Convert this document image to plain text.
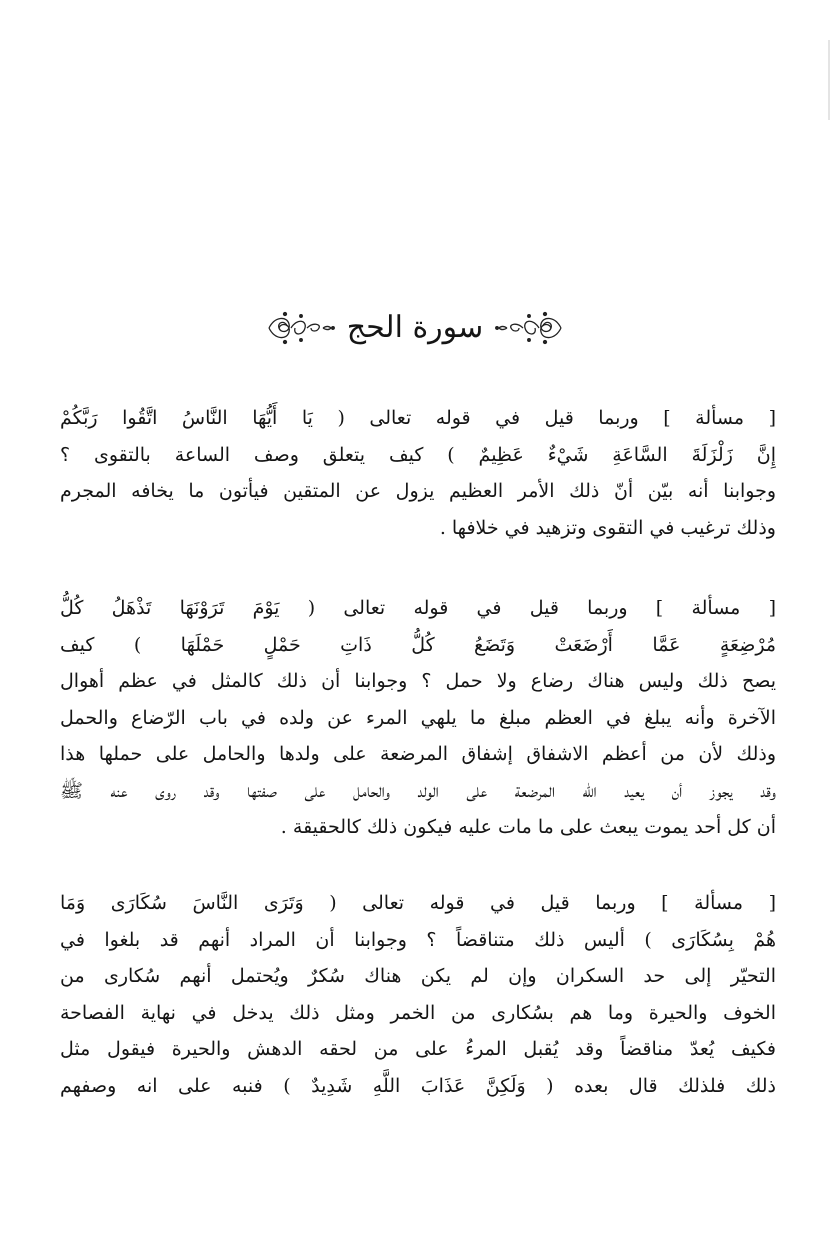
سورة الحج
[ مسألة ] وربما قيل في قوله تعالى ( يَا أَيُّهَا النَّاسُ اتَّقُوا رَبَّكُمْ
إِنَّ زَلْزَلَةَ السَّاعَةِ شَيْءٌ عَظِيمٌ ) كيف يتعلق وصف الساعة بالتقوى ؟
وجوابنا أنه بيّن أنّ ذلك الأمر العظيم يزول عن المتقين فيأتون ما يخافه المجرم
وذلك ترغيب في التقوى وتزهيد في خلافها .
[ مسألة ] وربما قيل في قوله تعالى ( يَوْمَ تَرَوْنَهَا تَذْهَلُ كُلُّ
مُرْضِعَةٍ عَمَّا أَرْضَعَتْ وَتَضَعُ كُلُّ ذَاتِ حَمْلٍ حَمْلَهَا ) كيف
يصح ذلك وليس هناك رضاع ولا حمل ؟ وجوابنا أن ذلك كالمثل في عظم أهوال
الآخرة وأنه يبلغ في العظم مبلغ ما يلهي المرء عن ولده في باب الرّضاع والحمل
وذلك لأن من أعظم الاشفاق إشفاق المرضعة على ولدها والحامل على حملها هذا
وقد يجوز أن يعيد الله المرضعة على الولد والحامل على صفتها وقد روى عنه ﷺ
أن كل أحد يموت يبعث على ما مات عليه فيكون ذلك كالحقيقة .
[ مسألة ] وربما قيل في قوله تعالى ( وَتَرَى النَّاسَ سُكَارَى وَمَا
هُمْ بِسُكَارَى ) أليس ذلك متناقضاً ؟ وجوابنا أن المراد أنهم قد بلغوا في
التحيّر إلى حد السكران وإن لم يكن هناك سُكرٌ ويُحتمل أنهم سُكارى من
الخوف والحيرة وما هم بسُكارى من الخمر ومثل ذلك يدخل في نهاية الفصاحة
فكيف يُعدّ مناقضاً وقد يُقبل المرءُ على من لحقه الدهش والحيرة فيقول مثل
ذلك فلذلك قال بعده ( وَلَكِنَّ عَذَابَ اللَّهِ شَدِيدٌ ) فنبه على انه وصفهم
